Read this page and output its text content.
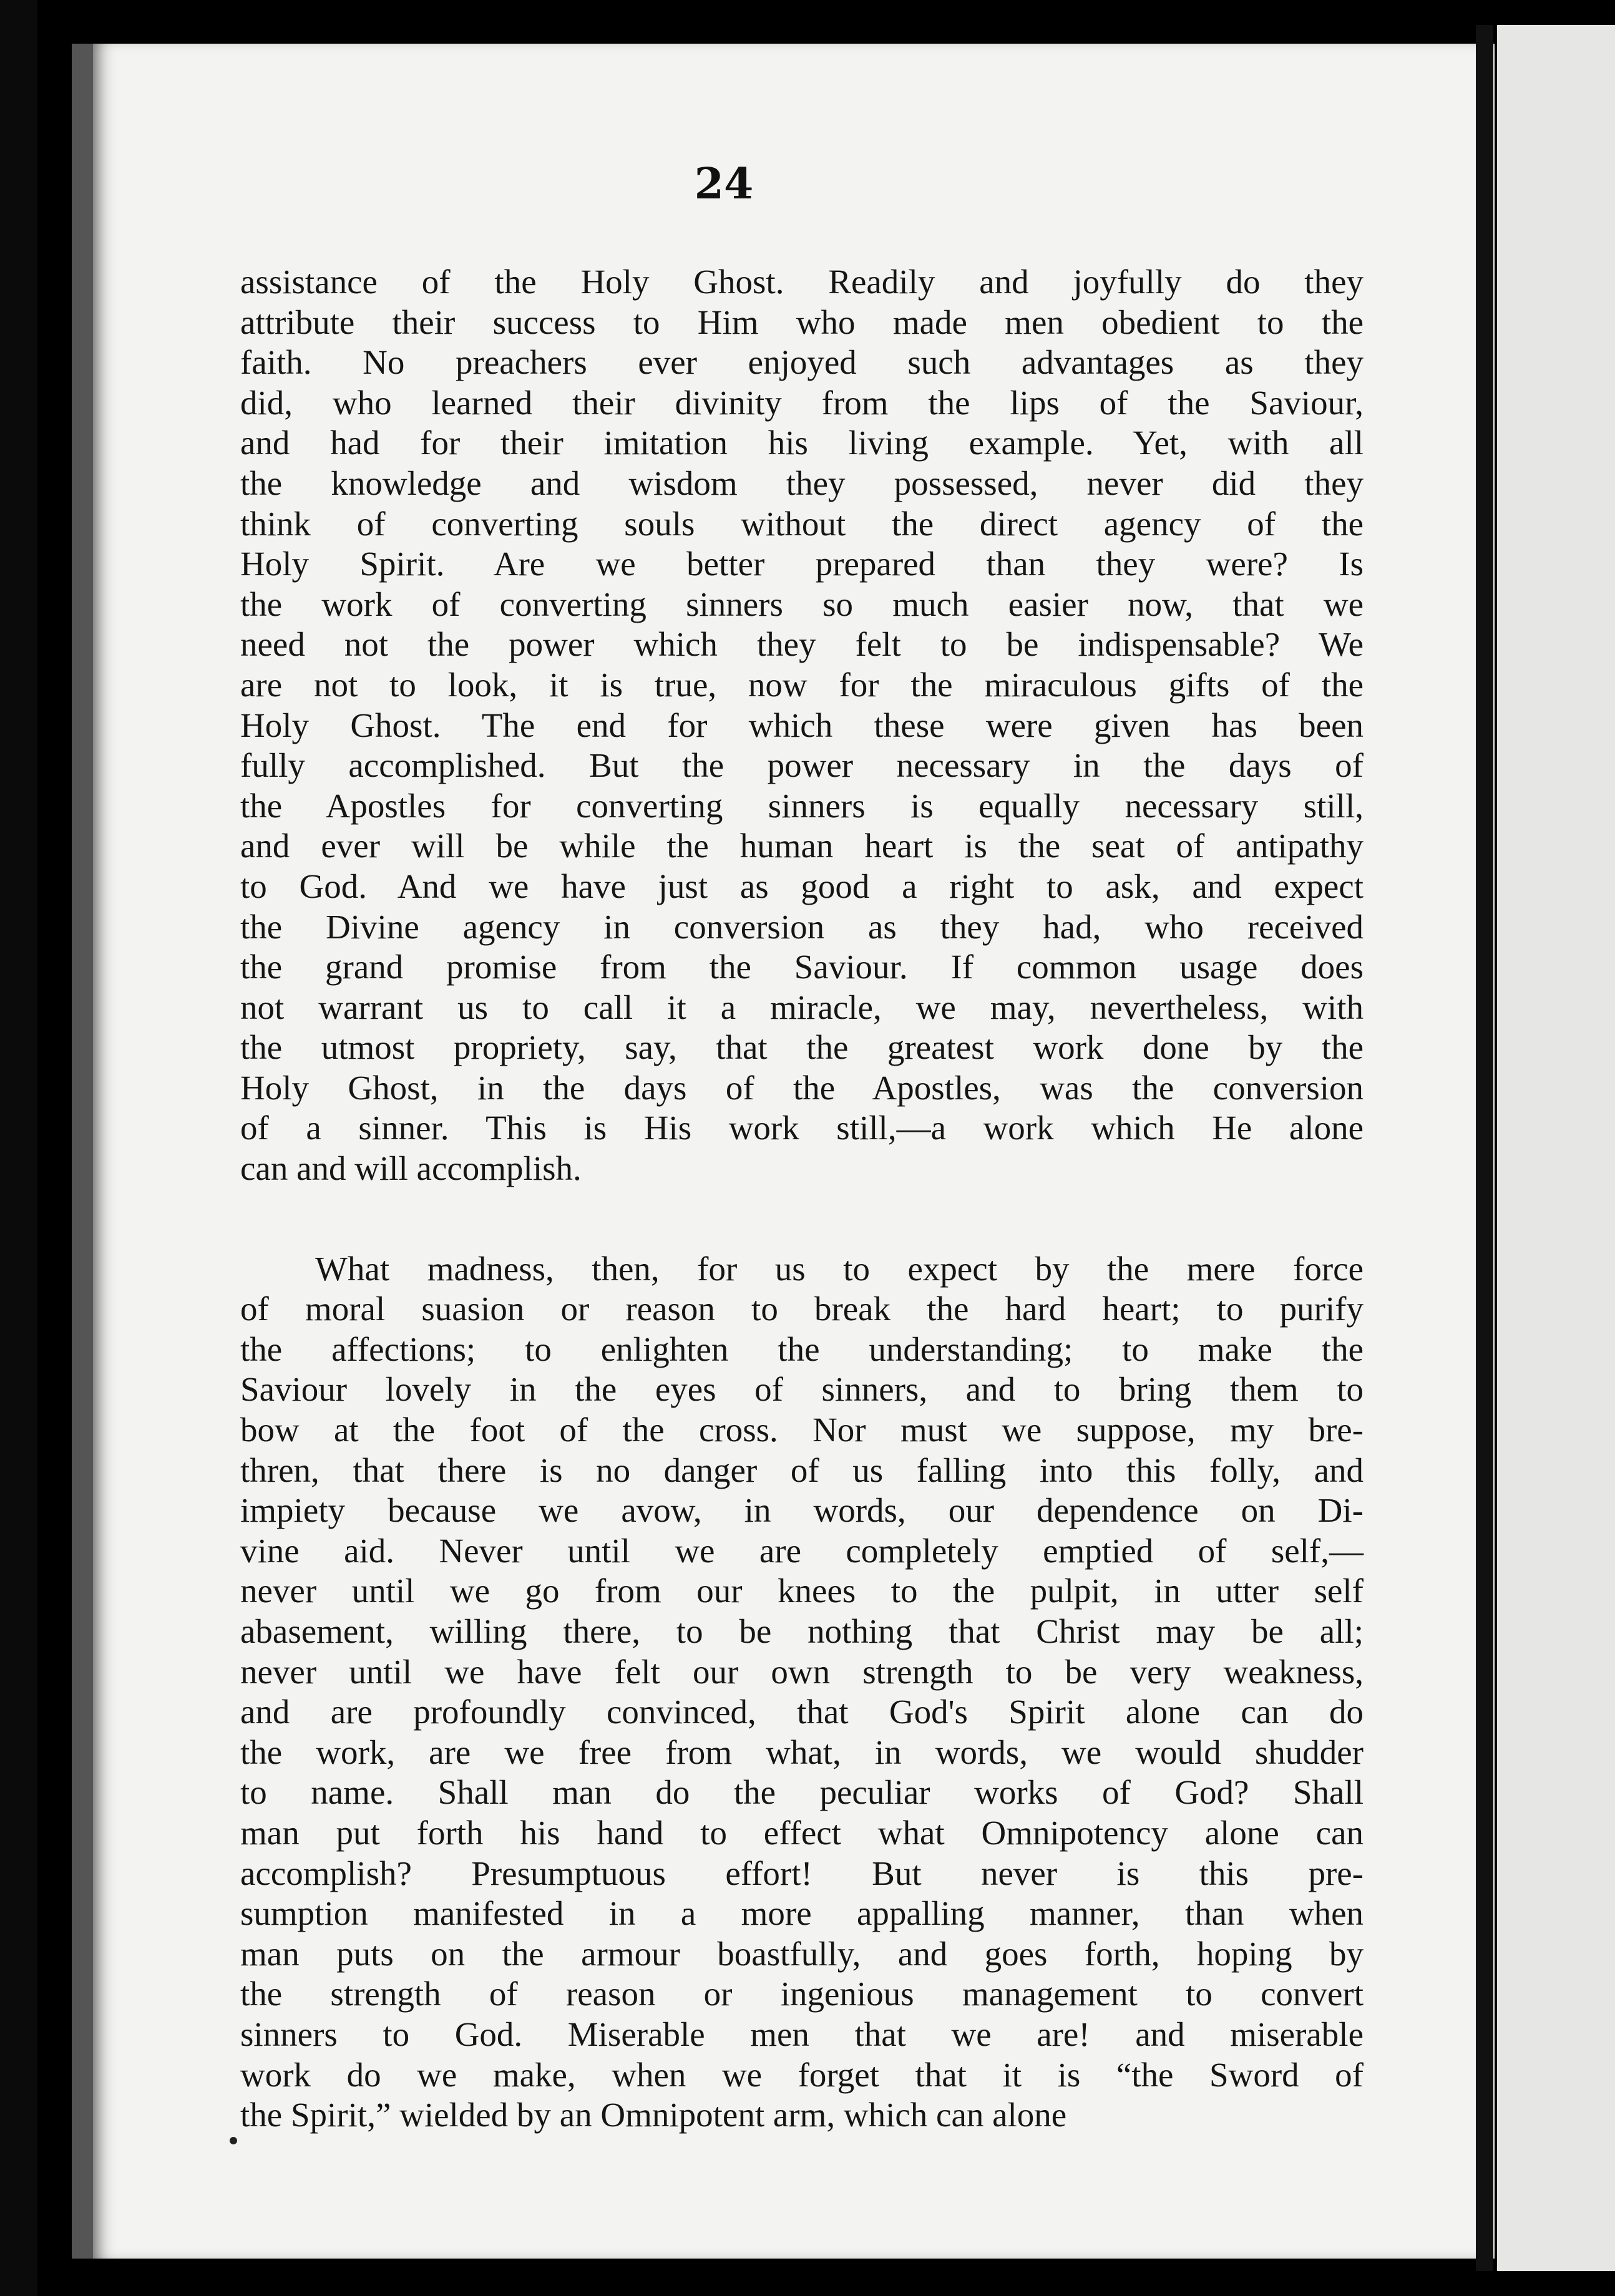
24
assistance of the Holy Ghost. Readily and joyfully do they
attribute their success to Him who made men obedient to the
faith. No preachers ever enjoyed such advantages as they
did, who learned their divinity from the lips of the Saviour,
and had for their imitation his living example. Yet, with all
the knowledge and wisdom they possessed, never did they
think of converting souls without the direct agency of the
Holy Spirit. Are we better prepared than they were? Is
the work of converting sinners so much easier now, that we
need not the power which they felt to be indispensable? We
are not to look, it is true, now for the miraculous gifts of the
Holy Ghost. The end for which these were given has been
fully accomplished. But the power necessary in the days of
the Apostles for converting sinners is equally necessary still,
and ever will be while the human heart is the seat of antipathy
to God. And we have just as good a right to ask, and expect
the Divine agency in conversion as they had, who received
the grand promise from the Saviour. If common usage does
not warrant us to call it a miracle, we may, nevertheless, with
the utmost propriety, say, that the greatest work done by the
Holy Ghost, in the days of the Apostles, was the conversion
of a sinner. This is His work still,—a work which He alone
can and will accomplish.
What madness, then, for us to expect by the mere force
of moral suasion or reason to break the hard heart; to purify
the affections; to enlighten the understanding; to make the
Saviour lovely in the eyes of sinners, and to bring them to
bow at the foot of the cross. Nor must we suppose, my bre-
thren, that there is no danger of us falling into this folly, and
impiety because we avow, in words, our dependence on Di-
vine aid. Never until we are completely emptied of self,—
never until we go from our knees to the pulpit, in utter self
abasement, willing there, to be nothing that Christ may be all;
never until we have felt our own strength to be very weakness,
and are profoundly convinced, that God's Spirit alone can do
the work, are we free from what, in words, we would shudder
to name. Shall man do the peculiar works of God? Shall
man put forth his hand to effect what Omnipotency alone can
accomplish? Presumptuous effort! But never is this pre-
sumption manifested in a more appalling manner, than when
man puts on the armour boastfully, and goes forth, hoping by
the strength of reason or ingenious management to convert
sinners to God. Miserable men that we are! and miserable
work do we make, when we forget that it is “the Sword of
the Spirit,” wielded by an Omnipotent arm, which can alone
